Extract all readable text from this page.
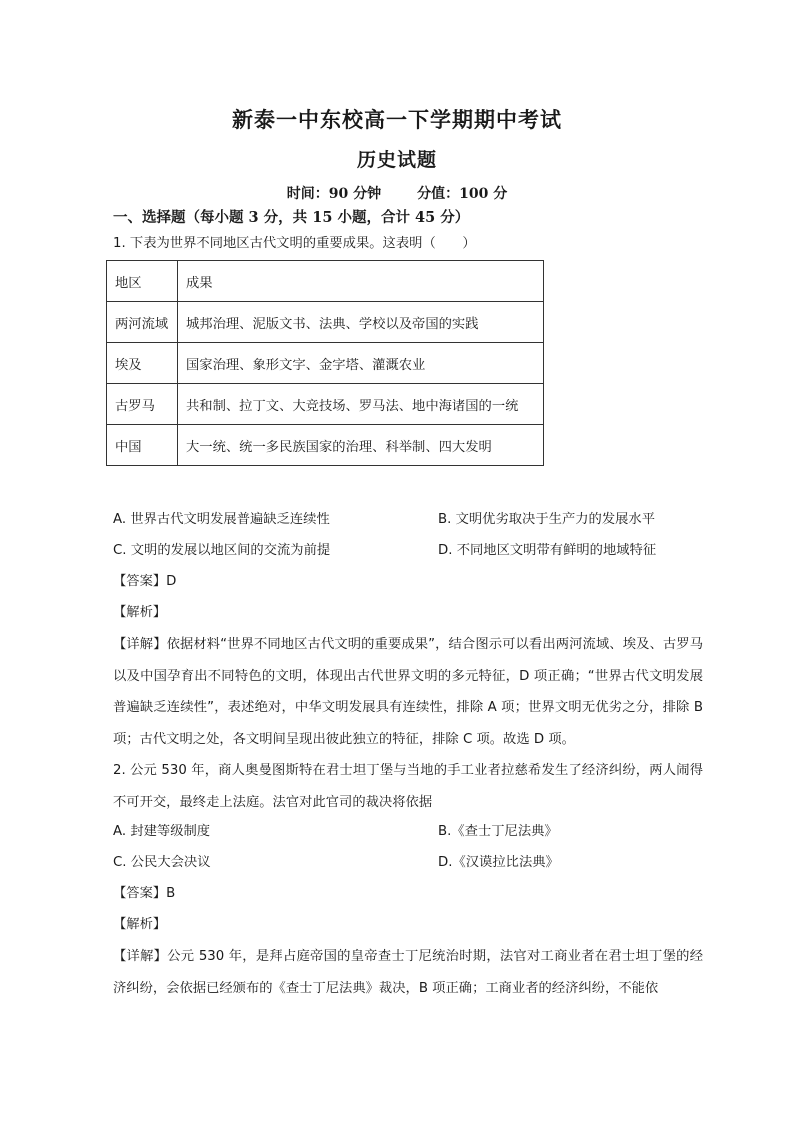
新泰一中东校高一下学期期中考试
历史试题
时间：90 分钟	分值：100 分
一、选择题（每小题 3 分，共 15 小题，合计 45 分）
1. 下表为世界不同地区古代文明的重要成果。这表明（　　）
地区	成果
两河流域	城邦治理、泥版文书、法典、学校以及帝国的实践
埃及	国家治理、象形文字、金字塔、灌溉农业
古罗马	共和制、拉丁文、大竞技场、罗马法、地中海诸国的一统
中国	大一统、统一多民族国家的治理、科举制、四大发明
A. 世界古代文明发展普遍缺乏连续性	B. 文明优劣取决于生产力的发展水平
C. 文明的发展以地区间的交流为前提	D. 不同地区文明带有鲜明的地域特征
【答案】D
【解析】
【详解】依据材料“世界不同地区古代文明的重要成果”，结合图示可以看出两河流域、埃及、古罗马以及中国孕育出不同特色的文明，体现出古代世界文明的多元特征，D 项正确；“世界古代文明发展普遍缺乏连续性”，表述绝对，中华文明发展具有连续性，排除 A 项；世界文明无优劣之分，排除 B 项；古代文明之处，各文明间呈现出彼此独立的特征，排除 C 项。故选 D 项。
2. 公元 530 年，商人奥曼图斯特在君士坦丁堡与当地的手工业者拉慈希发生了经济纠纷，两人闹得不可开交，最终走上法庭。法官对此官司的裁决将依据
A. 封建等级制度	B.《查士丁尼法典》
C. 公民大会决议	D.《汉谟拉比法典》
【答案】B
【解析】
【详解】公元 530 年，是拜占庭帝国的皇帝查士丁尼统治时期，法官对工商业者在君士坦丁堡的经济纠纷，会依据已经颁布的《查士丁尼法典》裁决，B 项正确；工商业者的经济纠纷，不能依
